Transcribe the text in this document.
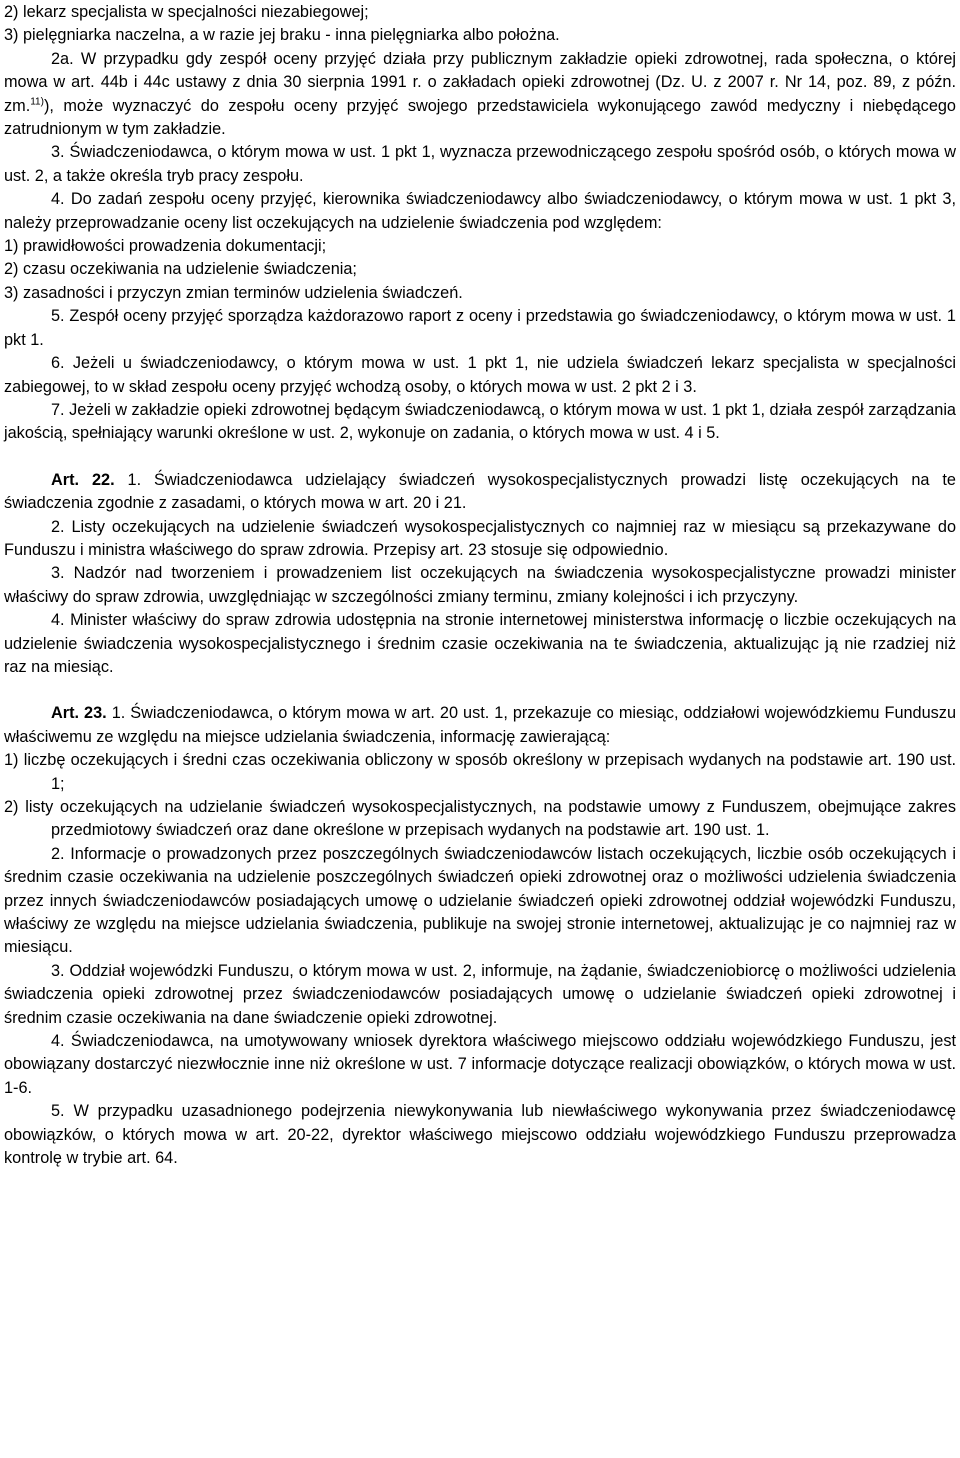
2) lekarz specjalista w specjalności niezabiegowej;

3) pielęgniarka naczelna, a w razie jej braku - inna pielęgniarka albo położna.

2a. W przypadku gdy zespół oceny przyjęć działa przy publicznym zakładzie opieki zdrowotnej, rada społeczna, o której mowa w art. 44b i 44c ustawy z dnia 30 sierpnia 1991 r. o zakładach opieki zdrowotnej (Dz. U. z 2007 r. Nr 14, poz. 89, z późn. zm.$^{11)}$), może wyznaczyć do zespołu oceny przyjęć swojego przedstawiciela wykonującego zawód medyczny i niebędącego zatrudnionym w tym zakładzie.

3. Świadczeniodawca, o którym mowa w ust. 1 pkt 1, wyznacza przewodniczącego zespołu spośród osób, o których mowa w ust. 2, a także określa tryb pracy zespołu.

4. Do zadań zespołu oceny przyjęć, kierownika świadczeniodawcy albo świadczeniodawcy, o którym mowa w ust. 1 pkt 3, należy przeprowadzanie oceny list oczekujących na udzielenie świadczenia pod względem:

1) prawidłowości prowadzenia dokumentacji;

2) czasu oczekiwania na udzielenie świadczenia;

3) zasadności i przyczyn zmian terminów udzielenia świadczeń.

5. Zespół oceny przyjęć sporządza każdorazowo raport z oceny i przedstawia go świadczeniodawcy, o którym mowa w ust. 1 pkt 1.

6. Jeżeli u świadczeniodawcy, o którym mowa w ust. 1 pkt 1, nie udziela świadczeń lekarz specjalista w specjalności zabiegowej, to w skład zespołu oceny przyjęć wchodzą osoby, o których mowa w ust. 2 pkt 2 i 3.

7. Jeżeli w zakładzie opieki zdrowotnej będącym świadczeniodawcą, o którym mowa w ust. 1 pkt 1, działa zespół zarządzania jakością, spełniający warunki określone w ust. 2, wykonuje on zadania, o których mowa w ust. 4 i 5.

Art. 22. 1. Świadczeniodawca udzielający świadczeń wysokospecjalistycznych prowadzi listę oczekujących na te świadczenia zgodnie z zasadami, o których mowa w art. 20 i 21.

2. Listy oczekujących na udzielenie świadczeń wysokospecjalistycznych co najmniej raz w miesiącu są przekazywane do Funduszu i ministra właściwego do spraw zdrowia. Przepisy art. 23 stosuje się odpowiednio.

3. Nadzór nad tworzeniem i prowadzeniem list oczekujących na świadczenia wysokospecjalistyczne prowadzi minister właściwy do spraw zdrowia, uwzględniając w szczególności zmiany terminu, zmiany kolejności i ich przyczyny.

4. Minister właściwy do spraw zdrowia udostępnia na stronie internetowej ministerstwa informację o liczbie oczekujących na udzielenie świadczenia wysokospecjalistycznego i średnim czasie oczekiwania na te świadczenia, aktualizując ją nie rzadziej niż raz na miesiąc.

Art. 23. 1. Świadczeniodawca, o którym mowa w art. 20 ust. 1, przekazuje co miesiąc, oddziałowi wojewódzkiemu Funduszu właściwemu ze względu na miejsce udzielania świadczenia, informację zawierającą:

1) liczbę oczekujących i średni czas oczekiwania obliczony w sposób określony w przepisach wydanych na podstawie art. 190 ust. 1;

2) listy oczekujących na udzielanie świadczeń wysokospecjalistycznych, na podstawie umowy z Funduszem, obejmujące zakres przedmiotowy świadczeń oraz dane określone w przepisach wydanych na podstawie art. 190 ust. 1.

2. Informacje o prowadzonych przez poszczególnych świadczeniodawców listach oczekujących, liczbie osób oczekujących i średnim czasie oczekiwania na udzielenie poszczególnych świadczeń opieki zdrowotnej oraz o możliwości udzielenia świadczenia przez innych świadczeniodawców posiadających umowę o udzielanie świadczeń opieki zdrowotnej oddział wojewódzki Funduszu, właściwy ze względu na miejsce udzielania świadczenia, publikuje na swojej stronie internetowej, aktualizując je co najmniej raz w miesiącu.

3. Oddział wojewódzki Funduszu, o którym mowa w ust. 2, informuje, na żądanie, świadczeniobiorcę o możliwości udzielenia świadczenia opieki zdrowotnej przez świadczeniodawców posiadających umowę o udzielanie świadczeń opieki zdrowotnej i średnim czasie oczekiwania na dane świadczenie opieki zdrowotnej.

4. Świadczeniodawca, na umotywowany wniosek dyrektora właściwego miejscowo oddziału wojewódzkiego Funduszu, jest obowiązany dostarczyć niezwłocznie inne niż określone w ust. 7 informacje dotyczące realizacji obowiązków, o których mowa w ust. 1-6.

5. W przypadku uzasadnionego podejrzenia niewykonywania lub niewłaściwego wykonywania przez świadczeniodawcę obowiązków, o których mowa w art. 20-22, dyrektor właściwego miejscowo oddziału wojewódzkiego Funduszu przeprowadza kontrolę w trybie art. 64.
